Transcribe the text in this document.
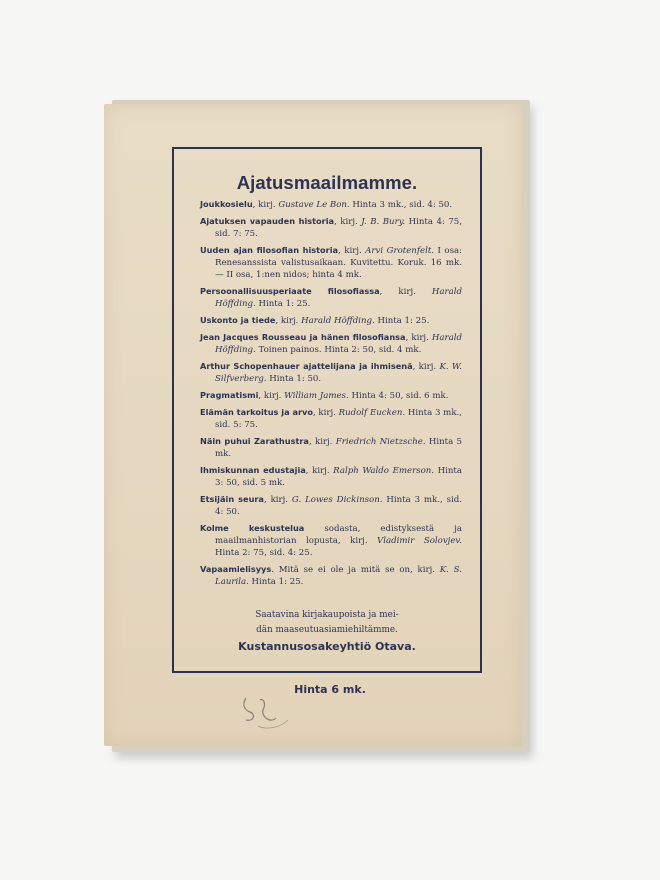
Ajatusmaailmamme.

Joukkosielu, kirj. Gustave Le Bon. Hinta 3 mk., sid. 4: 50.

Ajatuksen vapauden historia, kirj. J. B. Bury. Hinta 4: 75, sid. 7: 75.

Uuden ajan filosofian historia, kirj. Arvi Grotenfelt. I osa: Renesanssista valistusaikaan. Kuvitettu. Koruk. 16 mk. — II osa, 1:nen nidos; hinta 4 mk.

Persoonallisuusperiaate filosofiassa, kirj. Harald Höffding. Hinta 1: 25.

Uskonto ja tiede, kirj. Harald Höffding. Hinta 1: 25.

Jean Jacques Rousseau ja hänen filosofiansa, kirj. Harald Höffding. Toinen painos. Hinta 2: 50, sid. 4 mk.

Arthur Schopenhauer ajattelijana ja ihmisenä, kirj. K. W. Silfverberg. Hinta 1: 50.

Pragmatismi, kirj. William James. Hinta 4: 50, sid. 6 mk.

Elämän tarkoitus ja arvo, kirj. Rudolf Eucken. Hinta 3 mk., sid. 5: 75.

Näin puhui Zarathustra, kirj. Friedrich Nietzsche. Hinta 5 mk.

Ihmiskunnan edustajia, kirj. Ralph Waldo Emerson. Hinta 3: 50, sid. 5 mk.

Etsijäin seura, kirj. G. Lowes Dickinson. Hinta 3 mk., sid. 4: 50.

Kolme keskustelua sodasta, edistyksestä ja maailmanhistorian lopusta, kirj. Vladimir Solovjev. Hinta 2: 75, sid. 4: 25.

Vapaamielisyys. Mitä se ei ole ja mitä se on, kirj. K. S. Laurila. Hinta 1: 25.

Saatavina kirjakaupoista ja mei-
dän maaseutuasiamiehiltämme.
Kustannusosakeyhtiö Otava.
Hinta 6 mk.
